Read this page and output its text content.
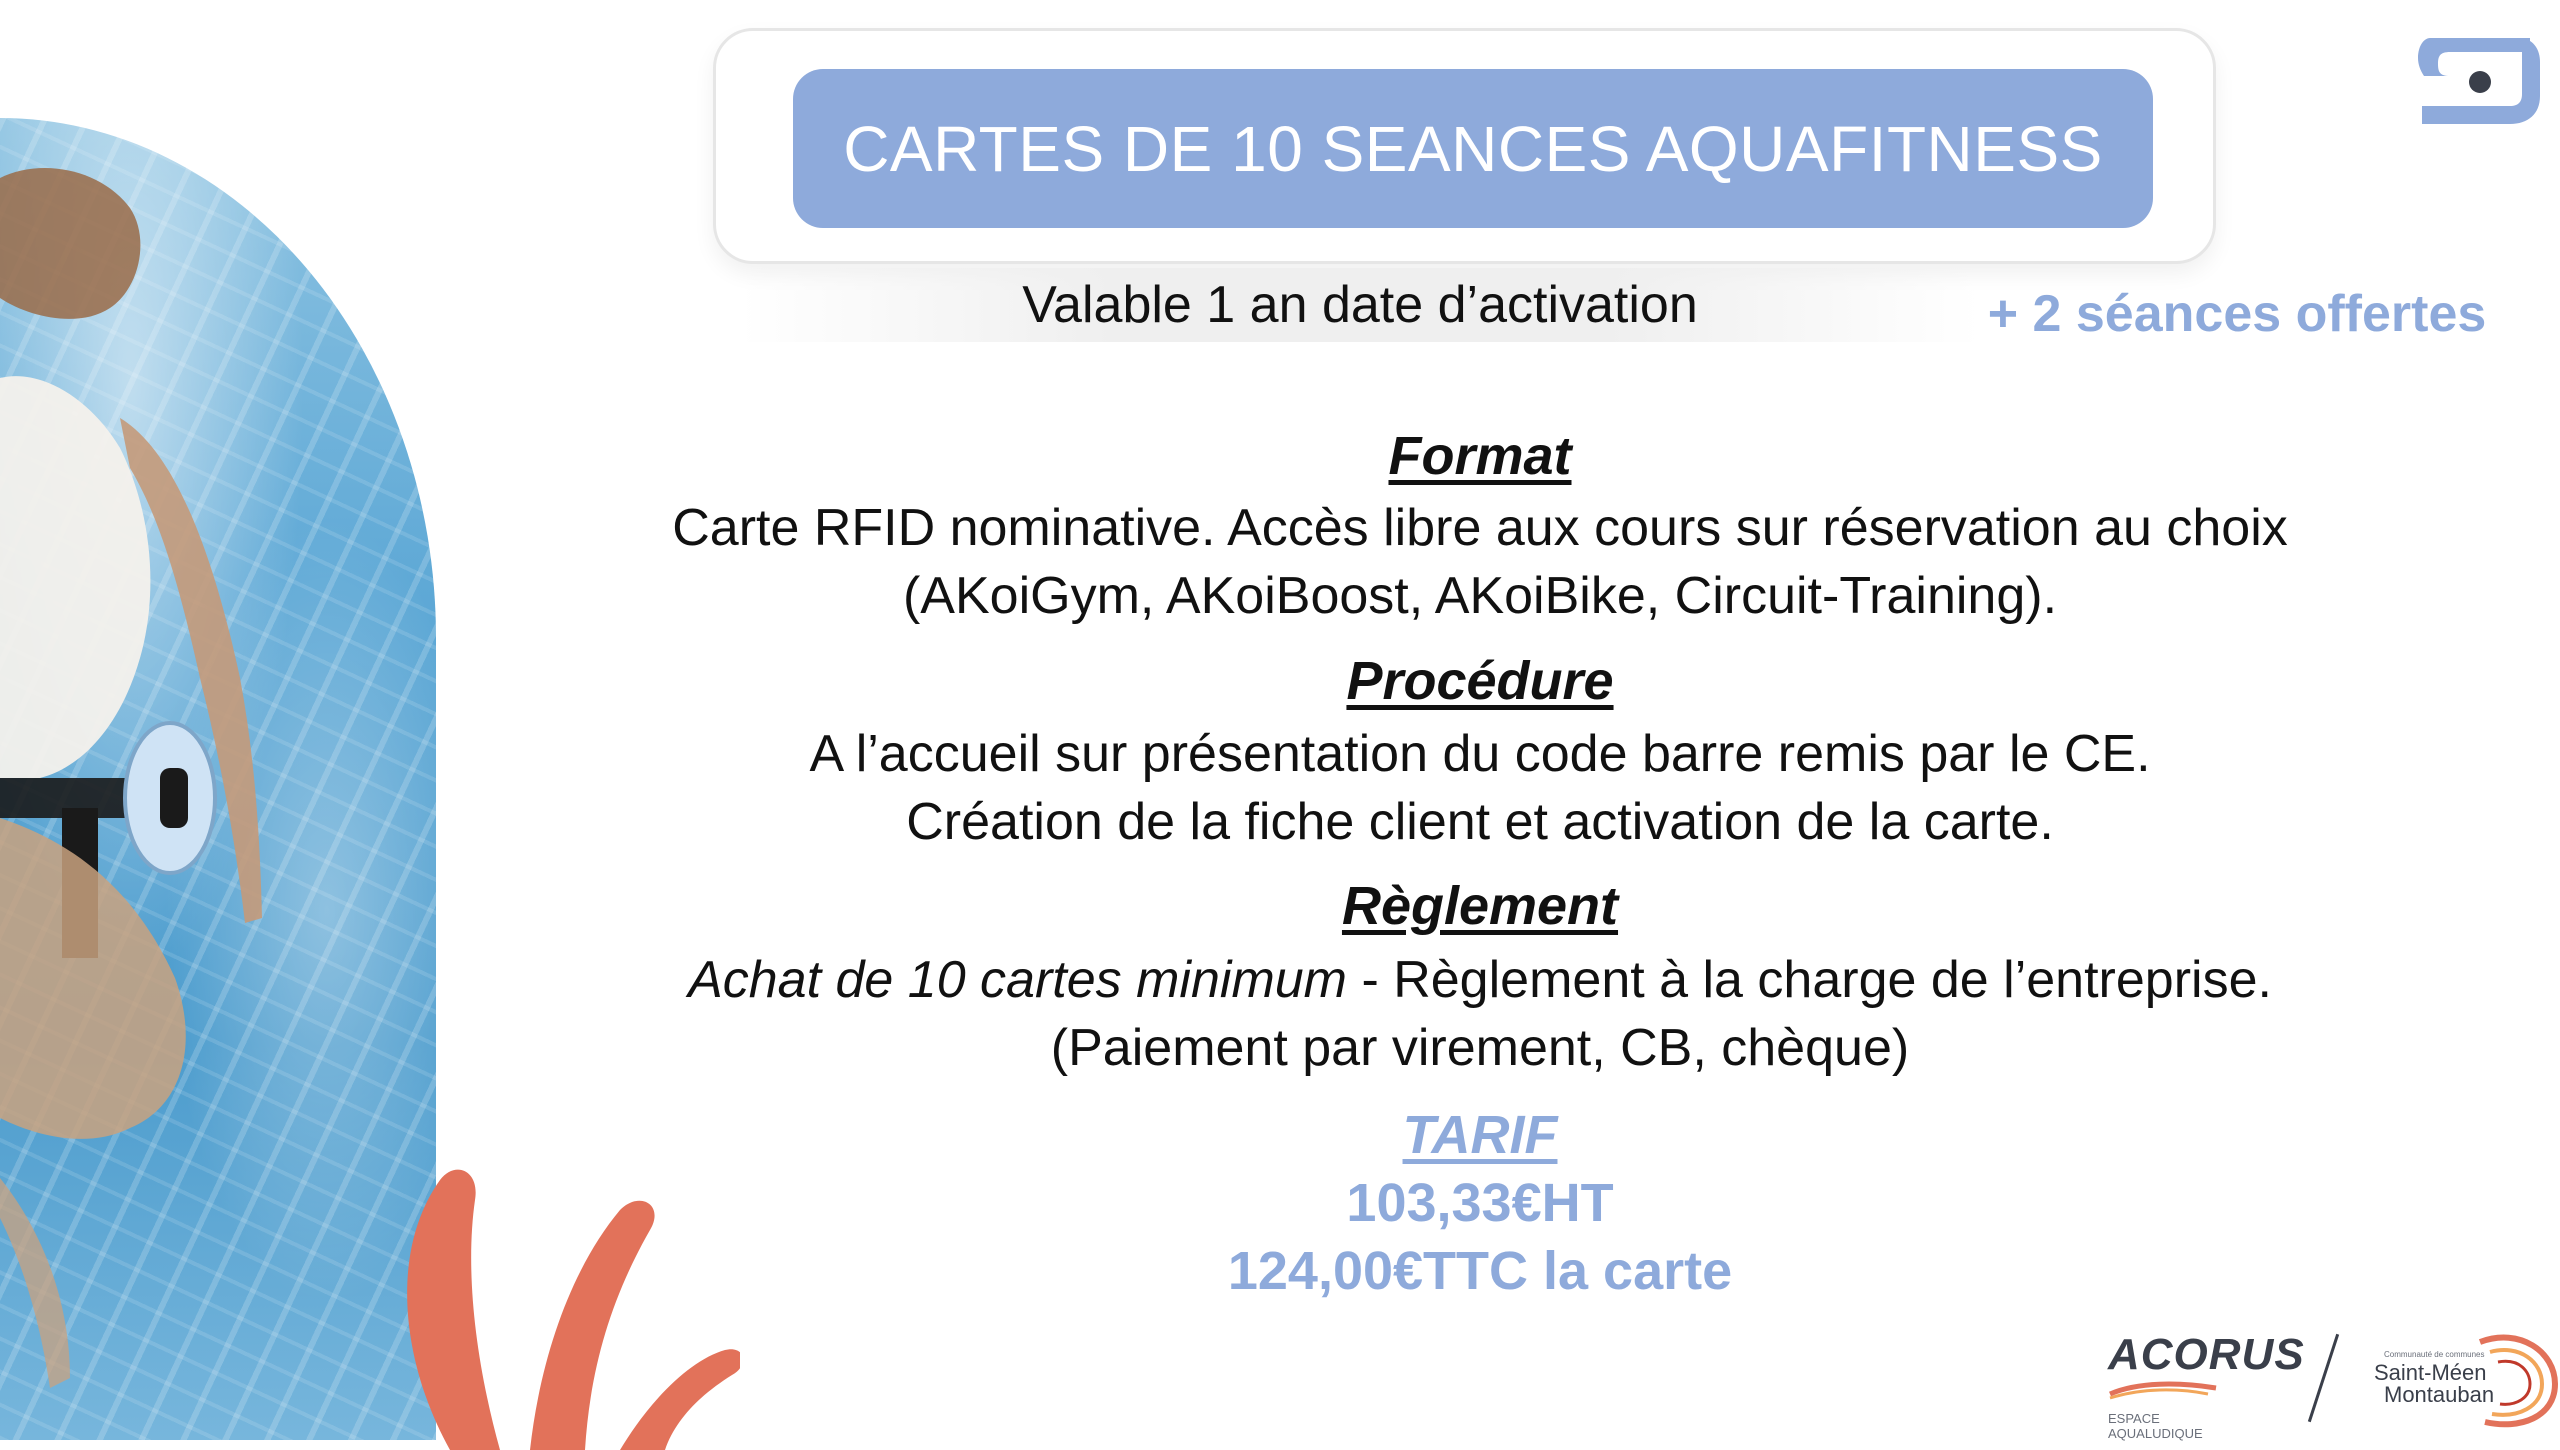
CARTES DE 10 SEANCES AQUAFITNESS
Valable 1 an date d’activation	+ 2 séances offertes
Format
Carte RFID nominative. Accès libre aux cours sur réservation au choix
(AKoiGym, AKoiBoost, AKoiBike, Circuit-Training).
Procédure
A l’accueil sur présentation du code barre remis par le CE.
Création de la fiche client et activation de la carte.
Règlement
Achat de 10 cartes minimum - Règlement à la charge de l’entreprise.
(Paiement par virement, CB, chèque)
TARIF
103,33€HT
124,00€TTC la carte
ACORUS
ESPACE
AQUALUDIQUE
Communauté de communes
Saint-Méen
Montauban
